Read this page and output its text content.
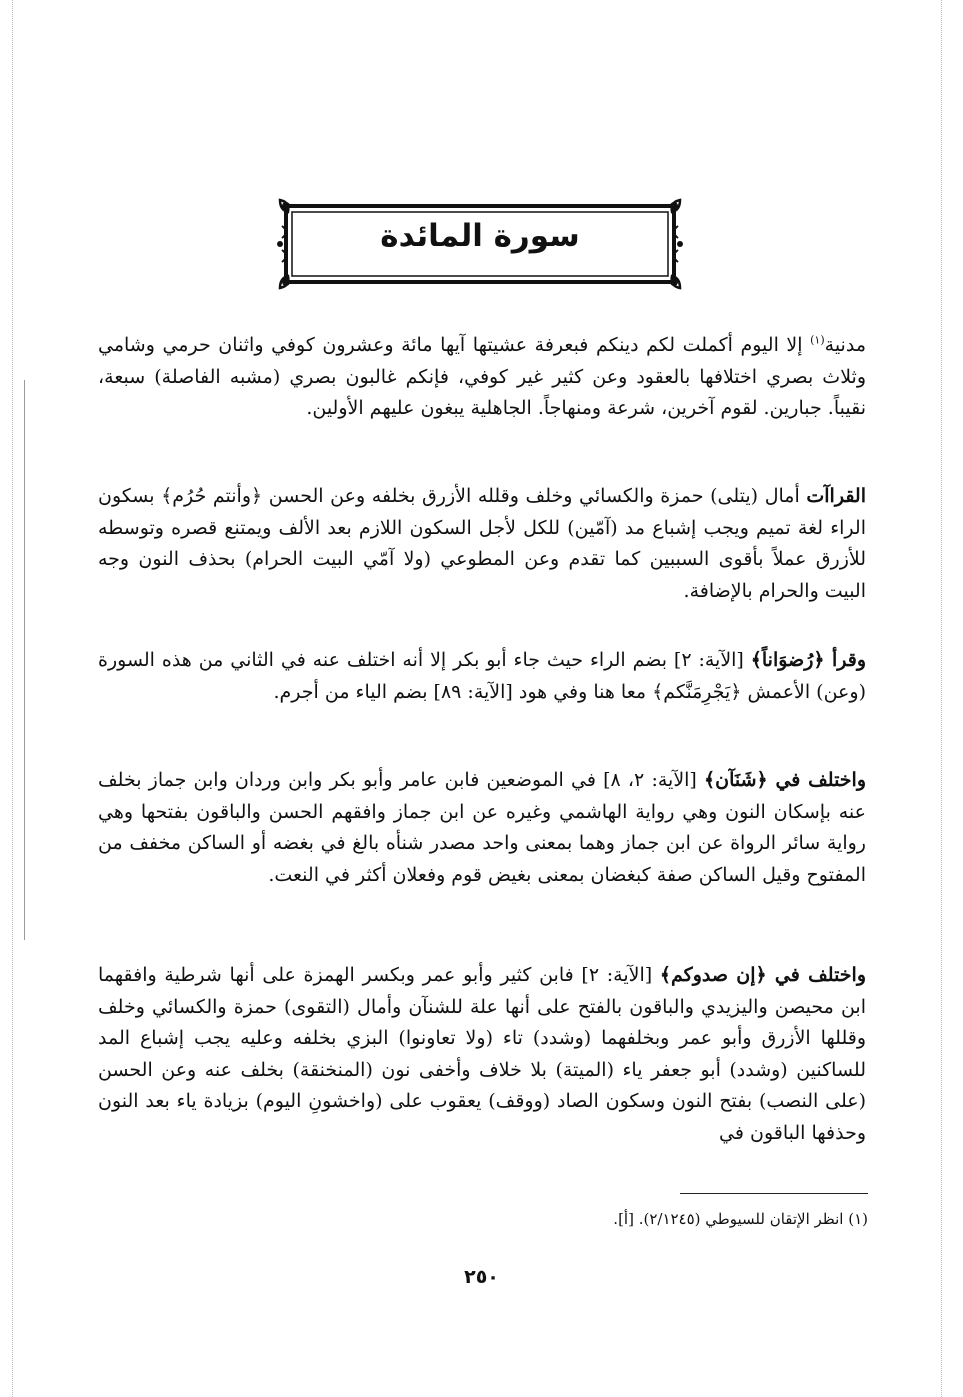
سورة المائدة

مدنية$^{(١)}$ إلا اليوم أكملت لكم دينكم فبعرفة عشيتها آيها مائة وعشرون كوفي واثنان حرمي وشامي وثلاث بصري اختلافها بالعقود وعن كثير غير كوفي، فإنكم غالبون بصري (مشبه الفاصلة) سبعة، نقيباً. جبارين. لقوم آخرين، شرعة ومنهاجاً. الجاهلية يبغون عليهم الأولين.

القراآت أمال (يتلى) حمزة والكسائي وخلف وقلله الأزرق بخلفه وعن الحسن ﴿وأنتم حُرُم﴾ بسكون الراء لغة تميم ويجب إشباع مد (آمّين) للكل لأجل السكون اللازم بعد الألف ويمتنع قصره وتوسطه للأزرق عملاً بأقوى السببين كما تقدم وعن المطوعي (ولا آمّي البيت الحرام) بحذف النون وجه البيت والحرام بالإضافة.

وقرأ ﴿رُضوَاناً﴾ [الآية: ٢] بضم الراء حيث جاء أبو بكر إلا أنه اختلف عنه في الثاني من هذه السورة (وعن) الأعمش ﴿يَجْرِمَنَّكم﴾ معا هنا وفي هود [الآية: ٨٩] بضم الياء من أجرم.

واختلف في ﴿شَنَآن﴾ [الآية: ٢، ٨] في الموضعين فابن عامر وأبو بكر وابن وردان وابن جماز بخلف عنه بإسكان النون وهي رواية الهاشمي وغيره عن ابن جماز وافقهم الحسن والباقون بفتحها وهي رواية سائر الرواة عن ابن جماز وهما بمعنى واحد مصدر شنأه بالغ في بغضه أو الساكن مخفف من المفتوح وقيل الساكن صفة كبغضان بمعنى بغيض قوم وفعلان أكثر في النعت.

واختلف في ﴿إن صدوكم﴾ [الآية: ٢] فابن كثير وأبو عمر وبكسر الهمزة على أنها شرطية وافقهما ابن محيصن واليزيدي والباقون بالفتح على أنها علة للشنآن وأمال (التقوى) حمزة والكسائي وخلف وقللها الأزرق وأبو عمر وبخلفهما (وشدد) تاء (ولا تعاونوا) البزي بخلفه وعليه يجب إشباع المد للساكنين (وشدد) أبو جعفر ياء (الميتة) بلا خلاف وأخفى نون (المنخنقة) بخلف عنه وعن الحسن (على النصب) بفتح النون وسكون الصاد (ووقف) يعقوب على (واخشونِ اليوم) بزيادة ياء بعد النون وحذفها الباقون في

(١) انظر الإتقان للسيوطي (٢/١٢٤٥). [أ].
٢٥٠
